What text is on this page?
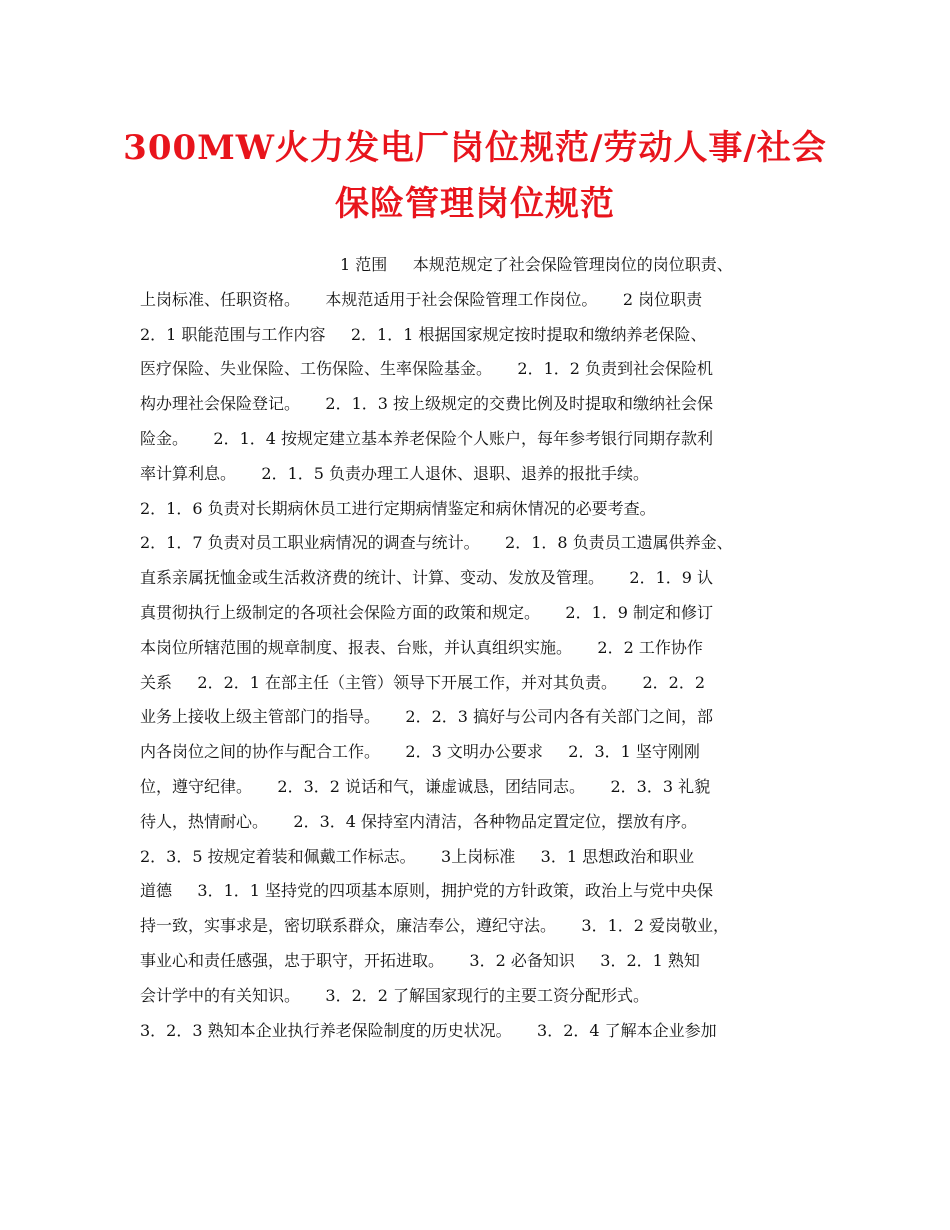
300MW火力发电厂岗位规范/劳动人事/社会
保险管理岗位规范
1 范围     本规范规定了社会保险管理岗位的岗位职责、
上岗标准、任职资格。     本规范适用于社会保险管理工作岗位。     2 岗位职责
2．1 职能范围与工作内容     2．1．1 根据国家规定按时提取和缴纳养老保险、
医疗保险、失业保险、工伤保险、生率保险基金。     2．1．2 负责到社会保险机
构办理社会保险登记。     2．1．3 按上级规定的交费比例及时提取和缴纳社会保
险金。     2．1．4 按规定建立基本养老保险个人账户，每年参考银行同期存款利
率计算利息。     2．1．5 负责办理工人退休、退职、退养的报批手续。
2．1．6 负责对长期病休员工进行定期病情鉴定和病休情况的必要考查。
2．1．7 负责对员工职业病情况的调查与统计。     2．1．8 负责员工遗属供养金、
直系亲属抚恤金或生活救济费的统计、计算、变动、发放及管理。     2．1．9 认
真贯彻执行上级制定的各项社会保险方面的政策和规定。     2．1．9 制定和修订
本岗位所辖范围的规章制度、报表、台账，并认真组织实施。     2．2 工作协作
关系     2．2．1 在部主任（主管）领导下开展工作，并对其负责。     2．2．2
业务上接收上级主管部门的指导。     2．2．3 搞好与公司内各有关部门之间，部
内各岗位之间的协作与配合工作。     2．3 文明办公要求     2．3．1 坚守刚刚
位，遵守纪律。     2．3．2 说话和气，谦虚诚恳，团结同志。     2．3．3 礼貌
待人，热情耐心。     2．3．4 保持室内清洁，各种物品定置定位，摆放有序。
2．3．5 按规定着装和佩戴工作标志。     3上岗标准     3．1 思想政治和职业
道德     3．1．1 坚持党的四项基本原则，拥护党的方针政策，政治上与党中央保
持一致，实事求是，密切联系群众，廉洁奉公，遵纪守法。     3．1．2 爱岗敬业，
事业心和责任感强，忠于职守，开拓进取。     3．2 必备知识     3．2．1 熟知
会计学中的有关知识。     3．2．2 了解国家现行的主要工资分配形式。
3．2．3 熟知本企业执行养老保险制度的历史状况。     3．2．4 了解本企业参加
